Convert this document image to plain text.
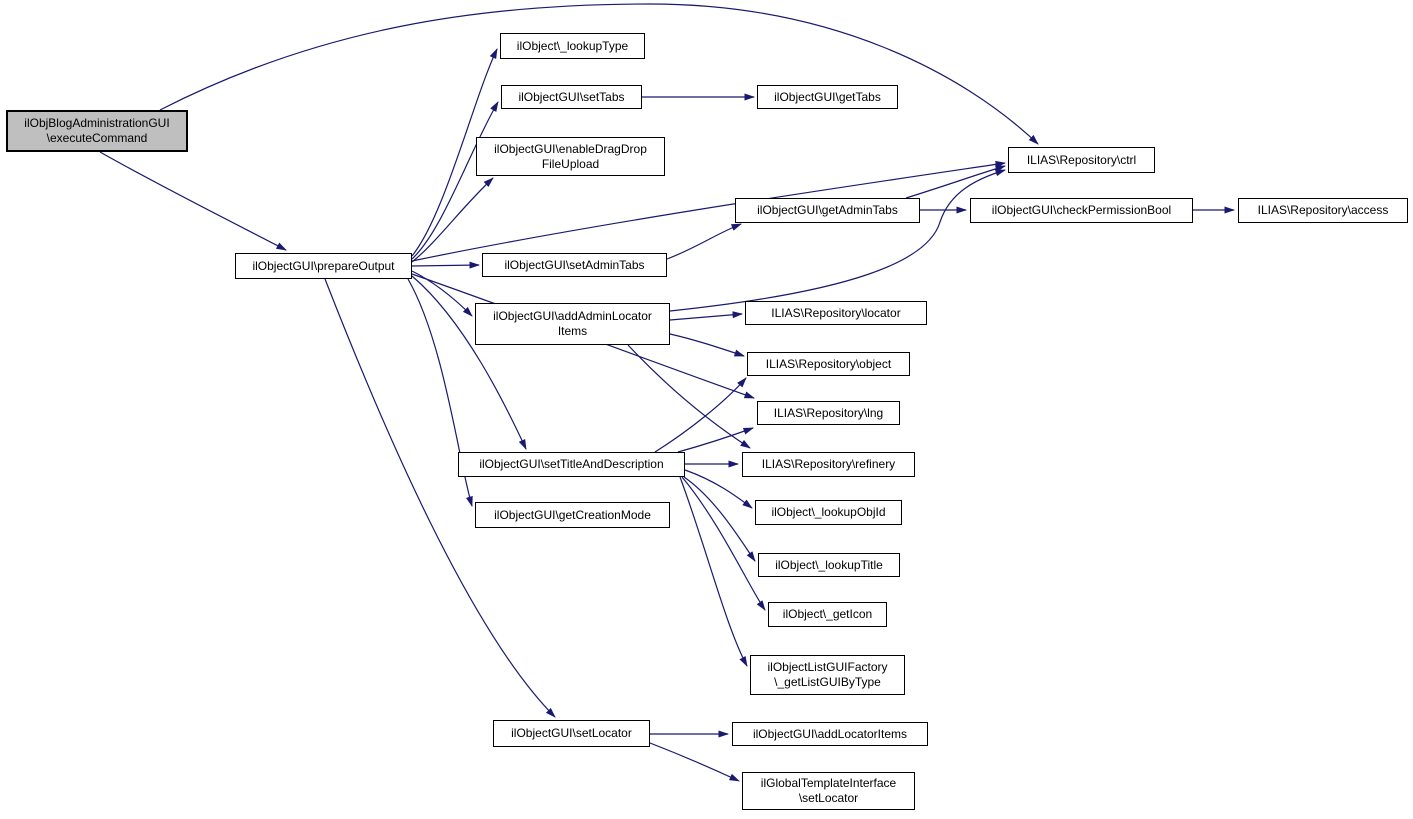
ilObjBlogAdministrationGUI
\executeCommand
ilObject\_lookupType
ilObjectGUI\setTabs	ilObjectGUI\getTabs
ilObjectGUI\enableDragDrop
FileUpload	ILIAS\Repository\ctrl
ilObjectGUI\getAdminTabs	ilObjectGUI\checkPermissionBool	ILIAS\Repository\access
ilObjectGUI\prepareOutput	ilObjectGUI\setAdminTabs
ilObjectGUI\addAdminLocator
Items
ILIAS\Repository\locator
ILIAS\Repository\object
ILIAS\Repository\lng
ILIAS\Repository\refinery
ilObjectGUI\setTitleAndDescription
ilObjectGUI\getCreationMode	ilObject\_lookupObjId
ilObject\_lookupTitle
ilObject\_getIcon
ilObjectListGUIFactory
\_getListGUIByType
ilObjectGUI\setLocator	ilObjectGUI\addLocatorItems
ilGlobalTemplateInterface
\setLocator
